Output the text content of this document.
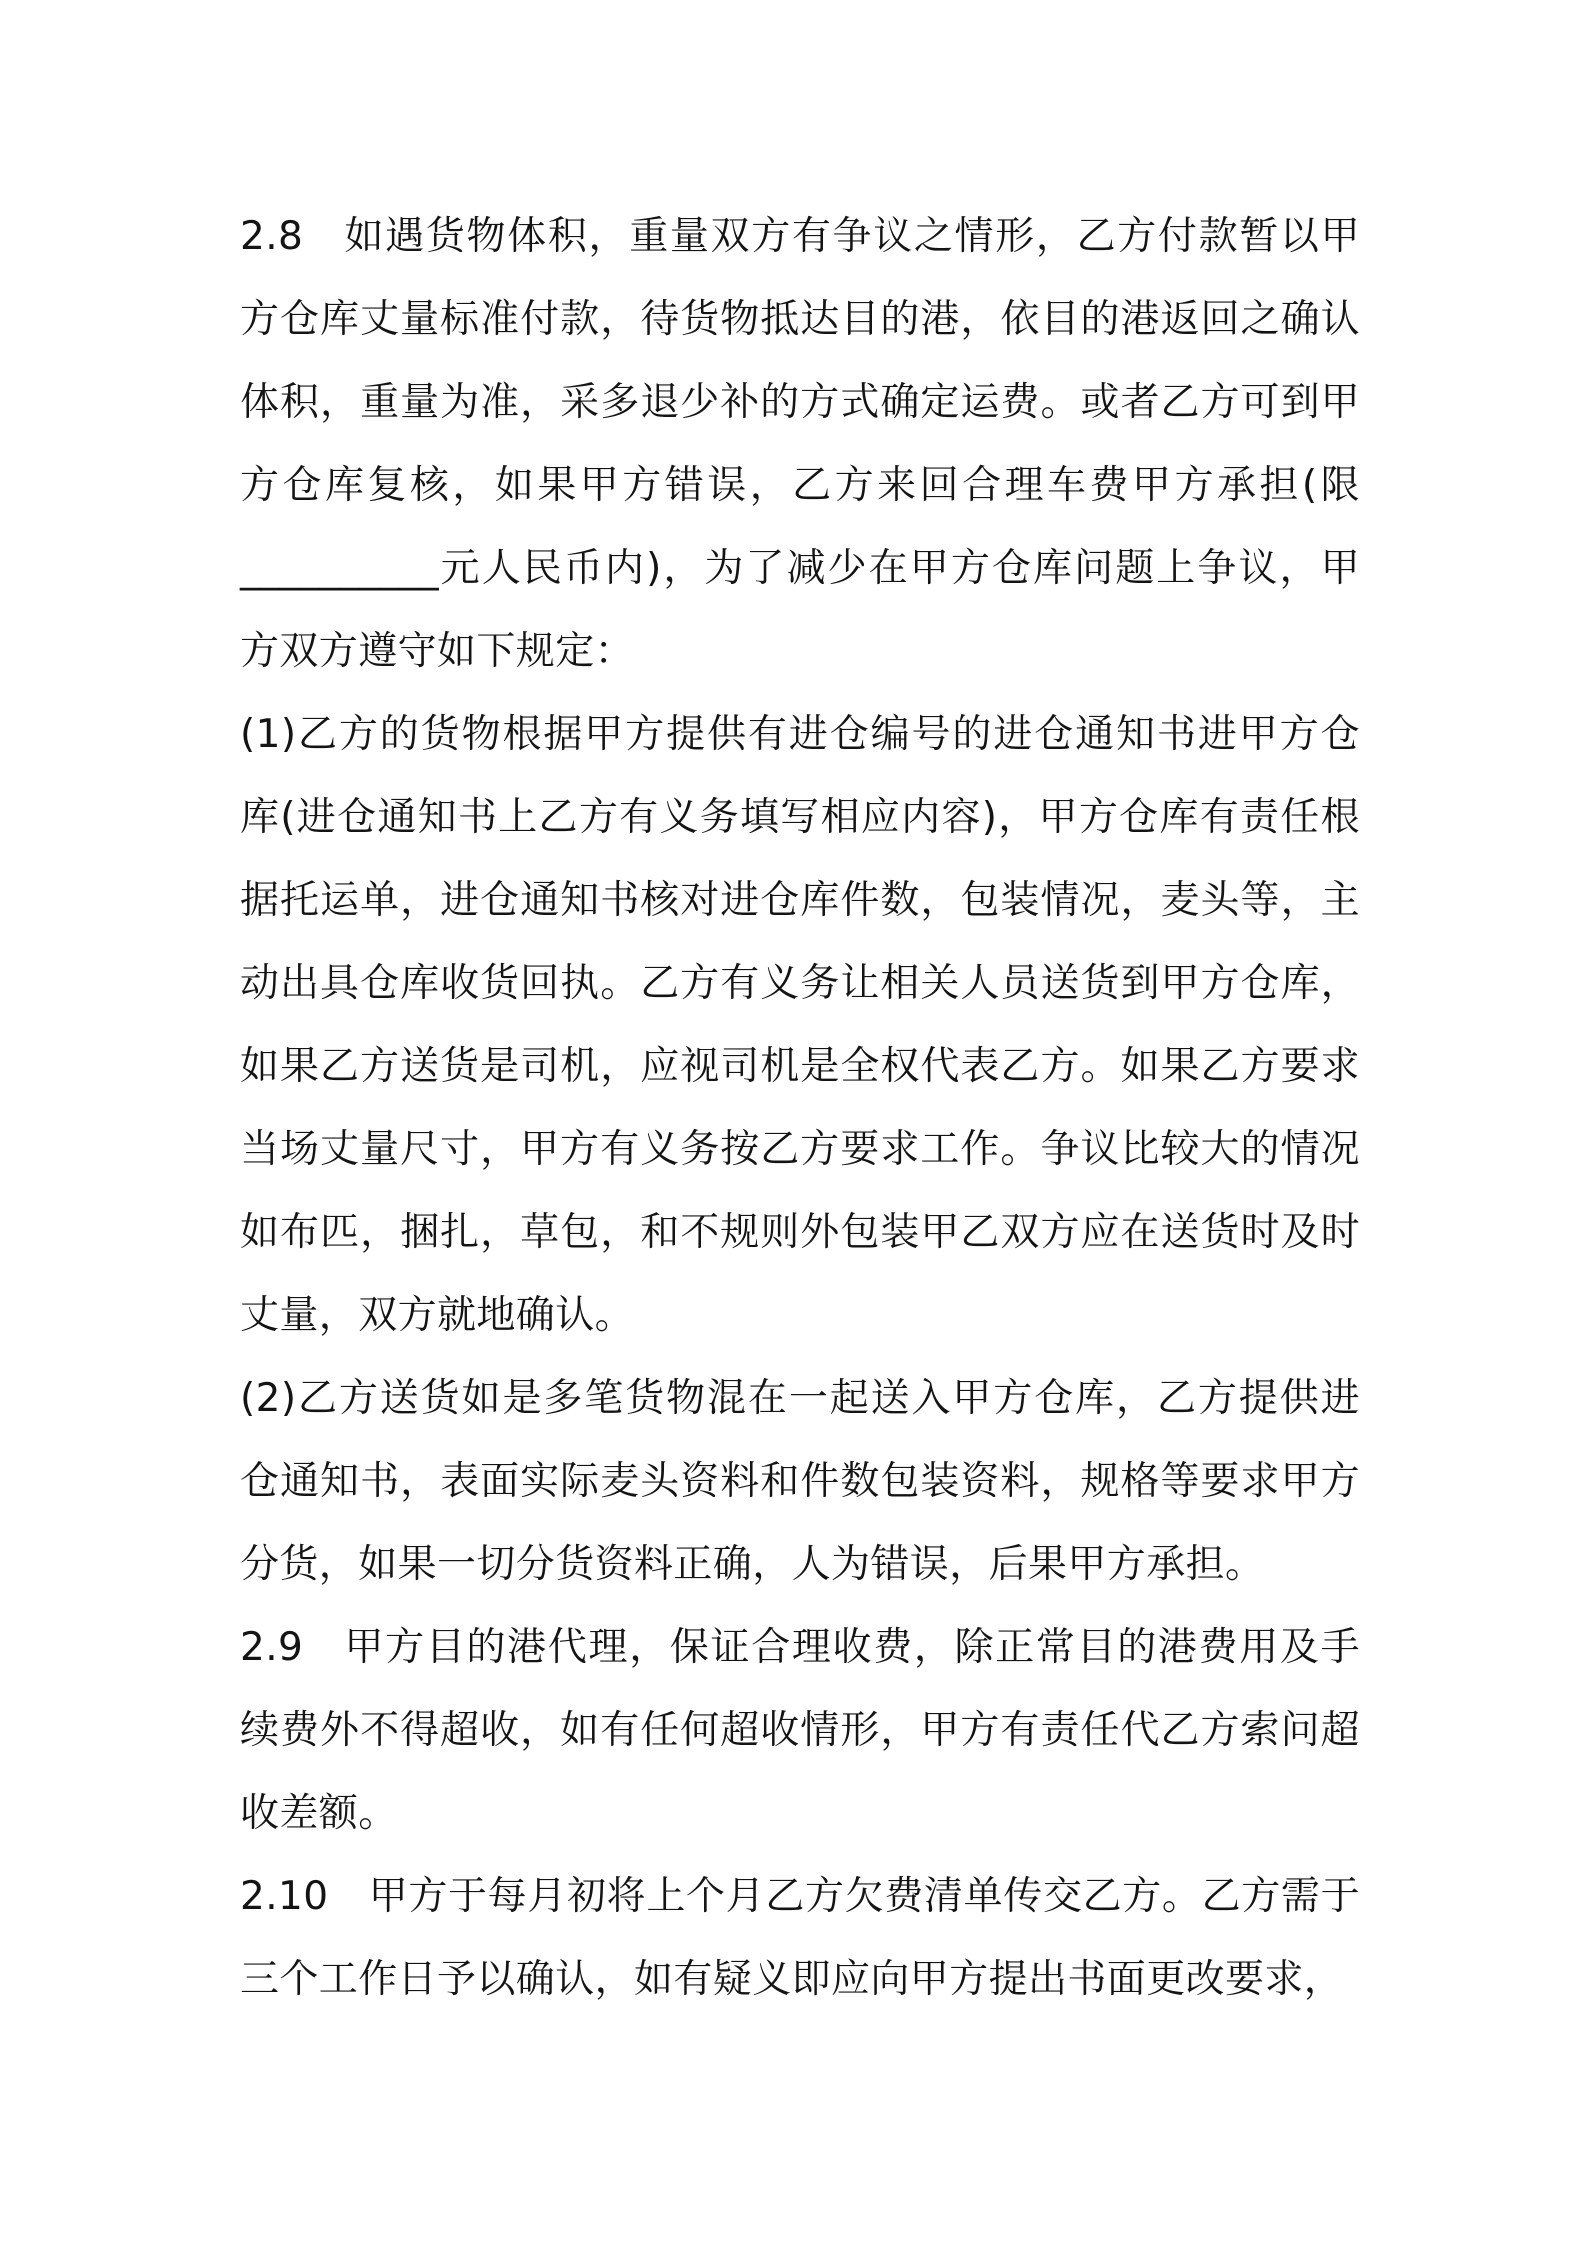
2.8 如遇货物体积，重量双方有争议之情形，乙方付款暂以甲方仓库丈量标准付款，待货物抵达目的港，依目的港返回之确认体积，重量为准，采多退少补的方式确定运费。或者乙方可到甲方仓库复核，如果甲方错误，乙方来回合理车费甲方承担(限__________元人民币内)，为了减少在甲方仓库问题上争议，甲方双方遵守如下规定：

(1)乙方的货物根据甲方提供有进仓编号的进仓通知书进甲方仓库(进仓通知书上乙方有义务填写相应内容)，甲方仓库有责任根据托运单，进仓通知书核对进仓库件数，包装情况，麦头等，主动出具仓库收货回执。乙方有义务让相关人员送货到甲方仓库，如果乙方送货是司机，应视司机是全权代表乙方。如果乙方要求当场丈量尺寸，甲方有义务按乙方要求工作。争议比较大的情况如布匹，捆扎，草包，和不规则外包装甲乙双方应在送货时及时丈量，双方就地确认。

(2)乙方送货如是多笔货物混在一起送入甲方仓库，乙方提供进仓通知书，表面实际麦头资料和件数包装资料，规格等要求甲方分货，如果一切分货资料正确，人为错误，后果甲方承担。

2.9 甲方目的港代理，保证合理收费，除正常目的港费用及手续费外不得超收，如有任何超收情形，甲方有责任代乙方索问超收差额。

2.10 甲方于每月初将上个月乙方欠费清单传交乙方。乙方需于三个工作日予以确认，如有疑义即应向甲方提出书面更改要求，
